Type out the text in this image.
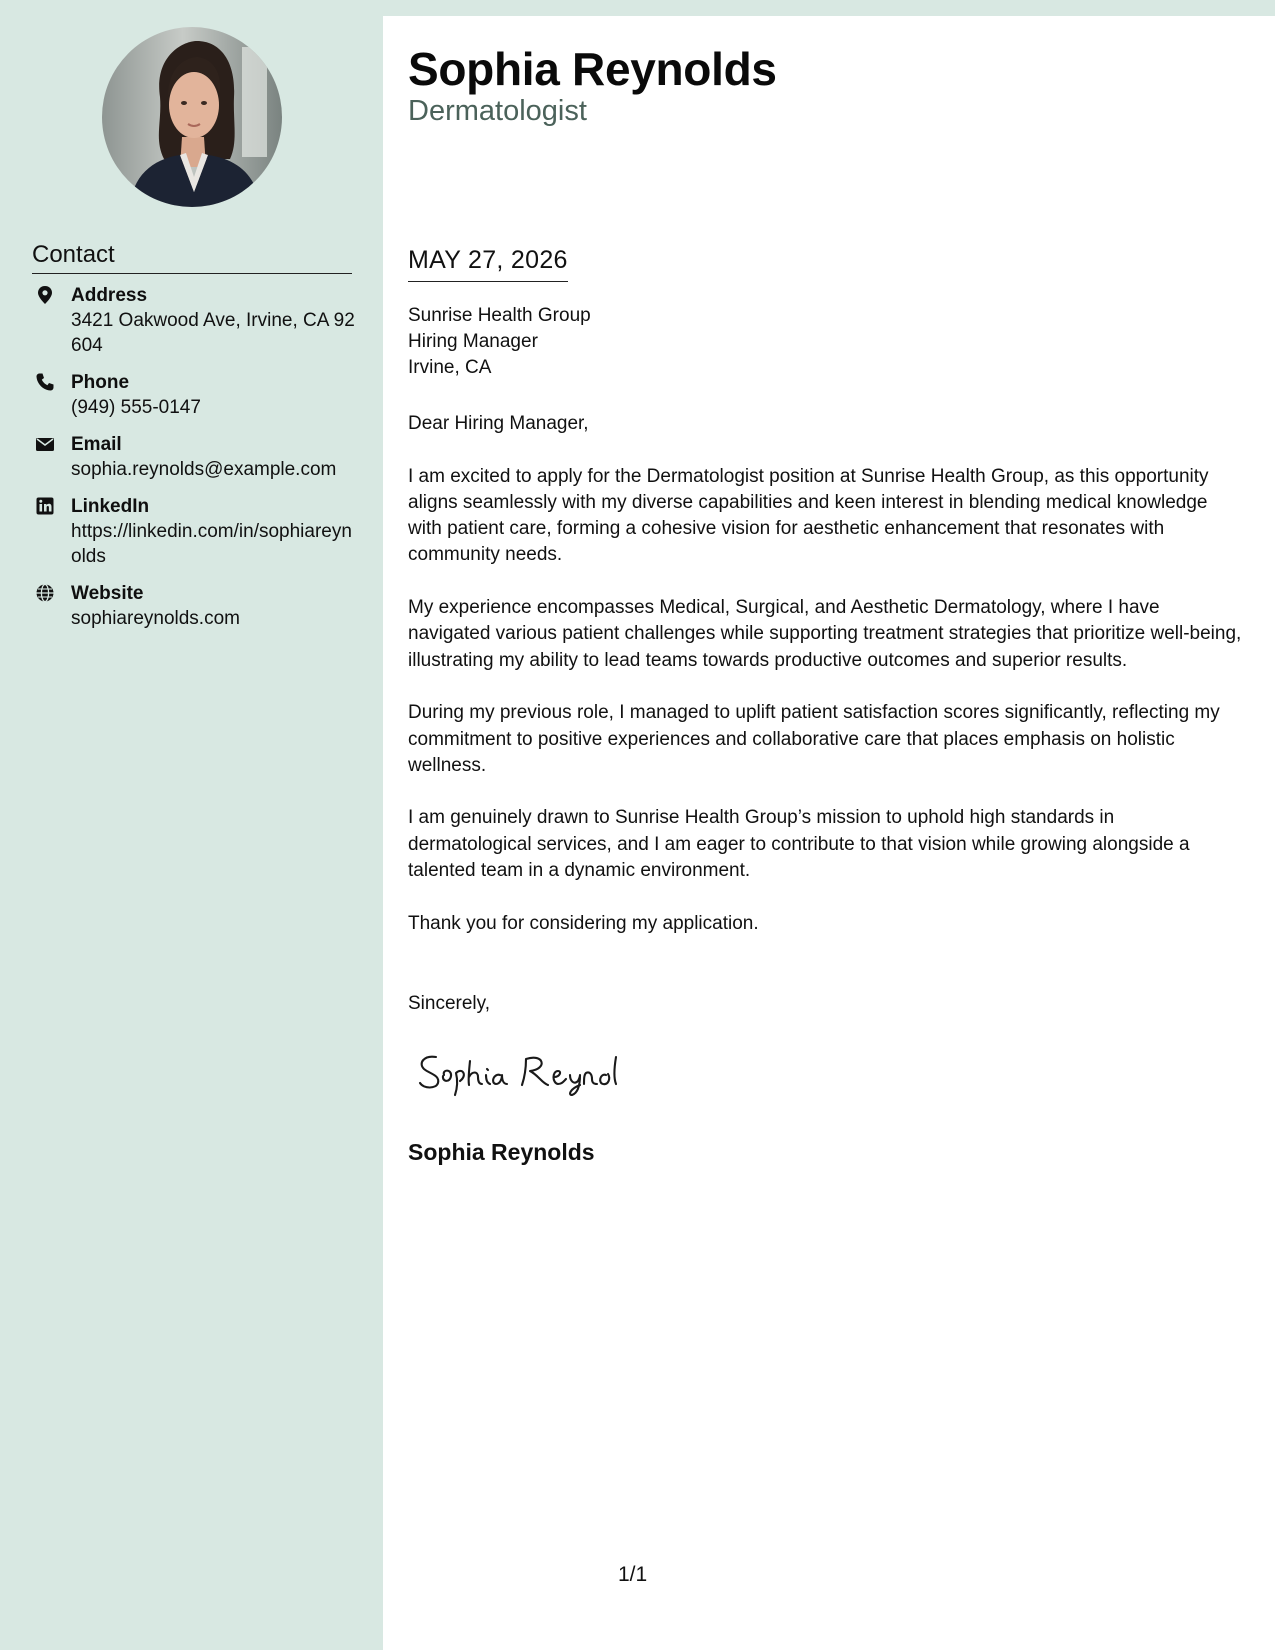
Contact
Address
3421 Oakwood Ave, Irvine, CA 92604
Phone
(949) 555-0147
Email
sophia.reynolds@example.com
LinkedIn
https://linkedin.com/in/sophiareynolds
Website
sophiareynolds.com
Sophia Reynolds
Dermatologist
MAY 27, 2026
Sunrise Health Group
Hiring Manager
Irvine, CA

Dear Hiring Manager,

I am excited to apply for the Dermatologist position at Sunrise Health Group, as this opportunity aligns seamlessly with my diverse capabilities and keen interest in blending medical knowledge with patient care, forming a cohesive vision for aesthetic enhancement that resonates with community needs.

My experience encompasses Medical, Surgical, and Aesthetic Dermatology, where I have navigated various patient challenges while supporting treatment strategies that prioritize well-being, illustrating my ability to lead teams towards productive outcomes and superior results.

During my previous role, I managed to uplift patient satisfaction scores significantly, reflecting my commitment to positive experiences and collaborative care that places emphasis on holistic wellness.

I am genuinely drawn to Sunrise Health Group’s mission to uphold high standards in dermatological services, and I am eager to contribute to that vision while growing alongside a talented team in a dynamic environment.

Thank you for considering my application.

Sincerely,
Sophia Reynolds
1/1
